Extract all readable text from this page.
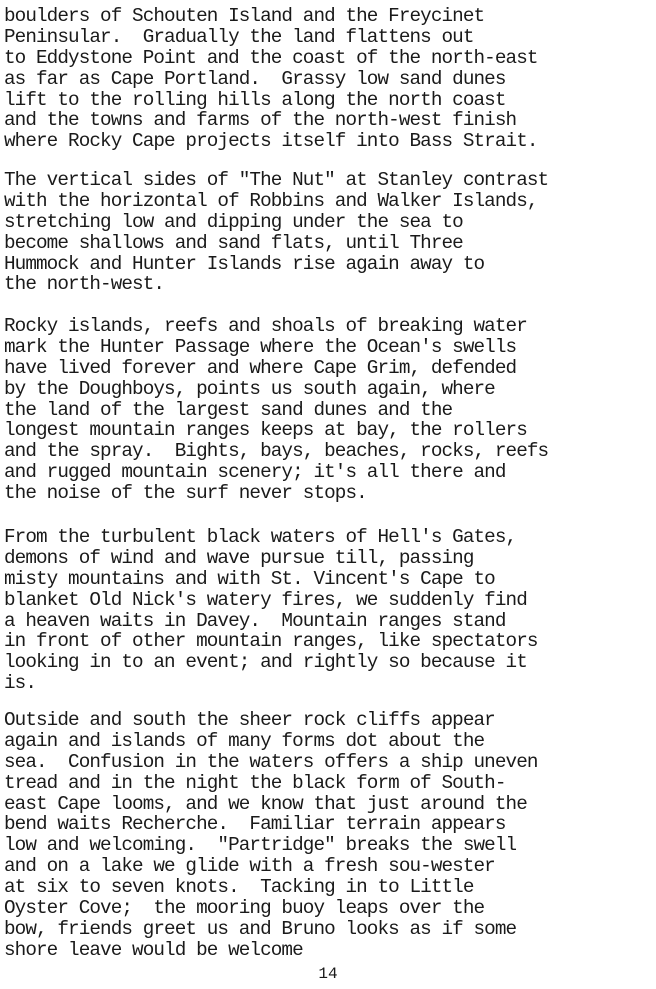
boulders of Schouten Island and the Freycinet
Peninsular.  Gradually the land flattens out
to Eddystone Point and the coast of the north-east
as far as Cape Portland.  Grassy low sand dunes
lift to the rolling hills along the north coast
and the towns and farms of the north-west finish
where Rocky Cape projects itself into Bass Strait.
The vertical sides of "The Nut" at Stanley contrast
with the horizontal of Robbins and Walker Islands,
stretching low and dipping under the sea to
become shallows and sand flats, until Three
Hummock and Hunter Islands rise again away to
the north-west.
Rocky islands, reefs and shoals of breaking water
mark the Hunter Passage where the Ocean's swells
have lived forever and where Cape Grim, defended
by the Doughboys, points us south again, where
the land of the largest sand dunes and the
longest mountain ranges keeps at bay, the rollers
and the spray.  Bights, bays, beaches, rocks, reefs
and rugged mountain scenery; it's all there and
the noise of the surf never stops.
From the turbulent black waters of Hell's Gates,
demons of wind and wave pursue till, passing
misty mountains and with St. Vincent's Cape to
blanket Old Nick's watery fires, we suddenly find
a heaven waits in Davey.  Mountain ranges stand
in front of other mountain ranges, like spectators
looking in to an event; and rightly so because it
is.
Outside and south the sheer rock cliffs appear
again and islands of many forms dot about the
sea.  Confusion in the waters offers a ship uneven
tread and in the night the black form of South-
east Cape looms, and we know that just around the
bend waits Recherche.  Familiar terrain appears
low and welcoming.  "Partridge" breaks the swell
and on a lake we glide with a fresh sou-wester
at six to seven knots.  Tacking in to Little
Oyster Cove;  the mooring buoy leaps over the
bow, friends greet us and Bruno looks as if some
shore leave would be welcome
14
